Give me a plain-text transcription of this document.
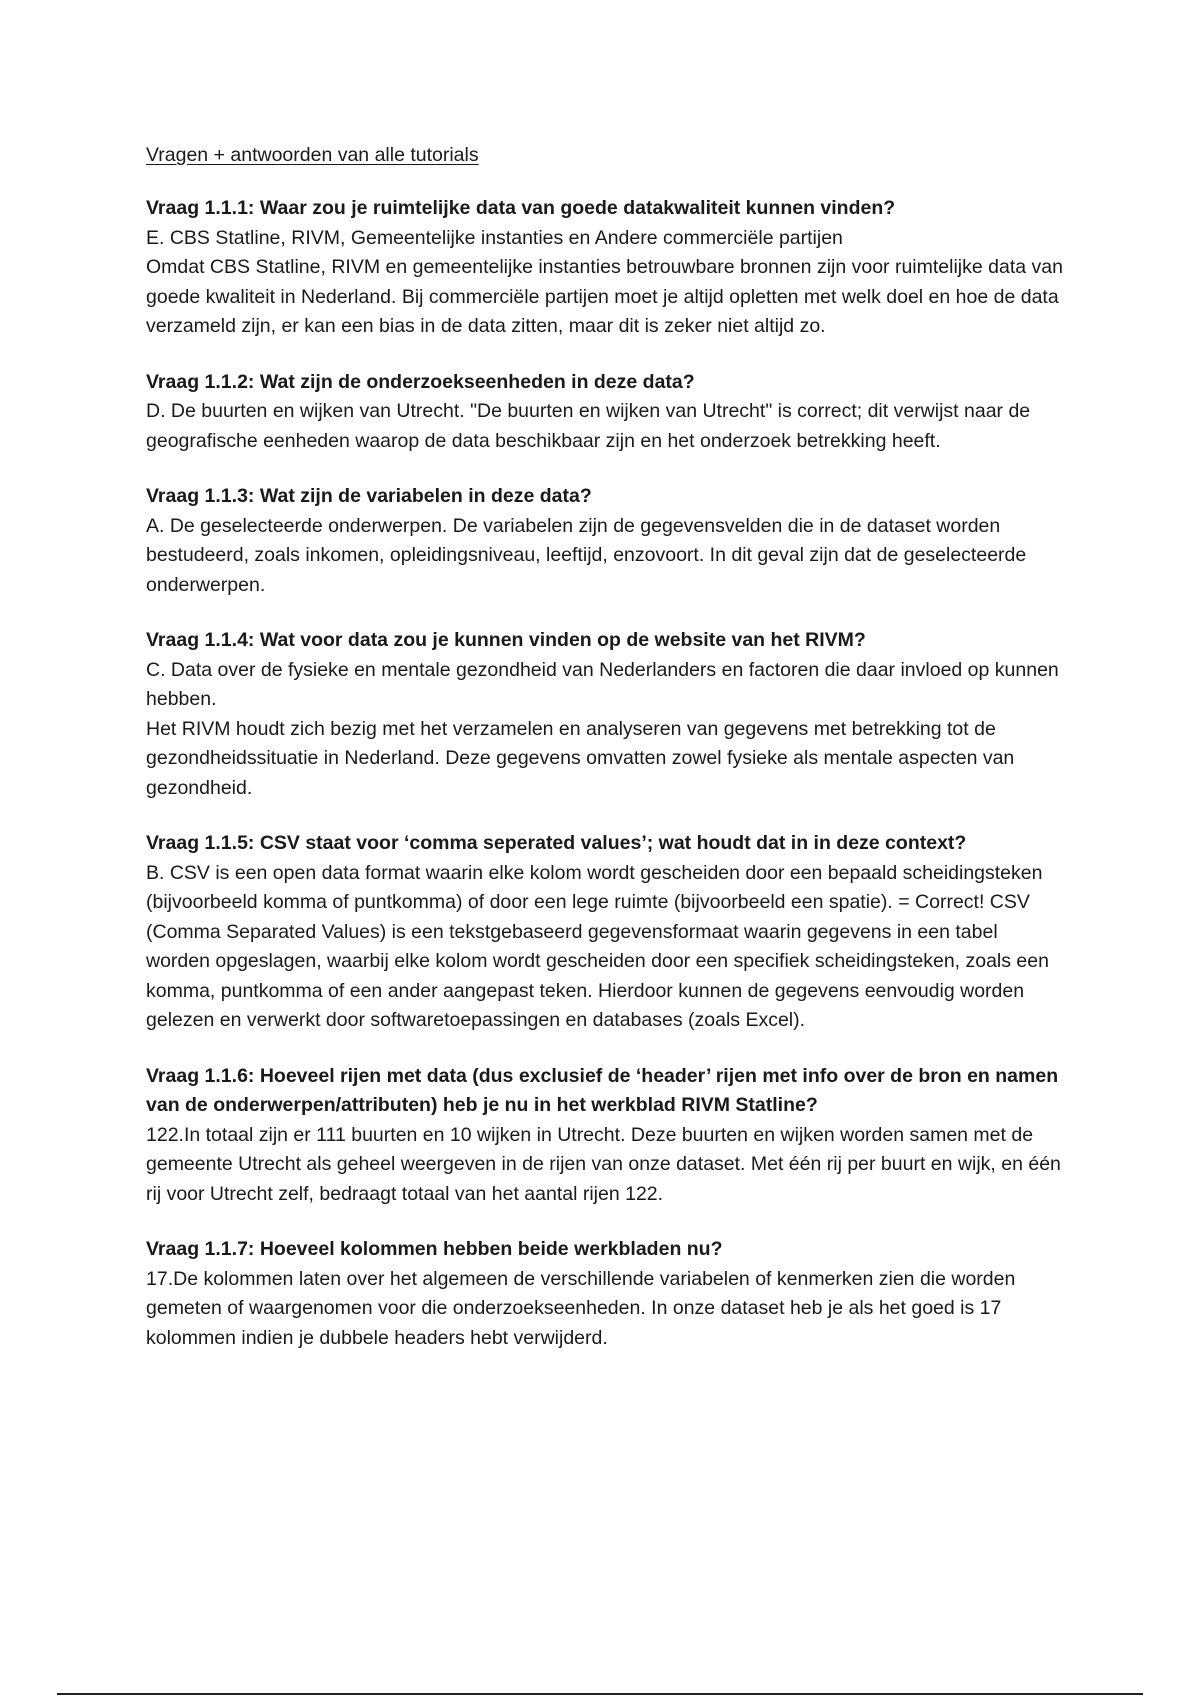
Vragen + antwoorden van alle tutorials

Vraag 1.1.1: Waar zou je ruimtelijke data van goede datakwaliteit kunnen vinden?

E. CBS Statline, RIVM, Gemeentelijke instanties en Andere commerciële partijen

Omdat CBS Statline, RIVM en gemeentelijke instanties betrouwbare bronnen zijn voor ruimtelijke data van goede kwaliteit in Nederland. Bij commerciële partijen moet je altijd opletten met welk doel en hoe de data verzameld zijn, er kan een bias in de data zitten, maar dit is zeker niet altijd zo.

Vraag 1.1.2: Wat zijn de onderzoekseenheden in deze data?

D. De buurten en wijken van Utrecht. "De buurten en wijken van Utrecht" is correct; dit verwijst naar de geografische eenheden waarop de data beschikbaar zijn en het onderzoek betrekking heeft.

Vraag 1.1.3: Wat zijn de variabelen in deze data?

A. De geselecteerde onderwerpen. De variabelen zijn de gegevensvelden die in de dataset worden bestudeerd, zoals inkomen, opleidingsniveau, leeftijd, enzovoort. In dit geval zijn dat de geselecteerde onderwerpen.

Vraag 1.1.4: Wat voor data zou je kunnen vinden op de website van het RIVM?

C. Data over de fysieke en mentale gezondheid van Nederlanders en factoren die daar invloed op kunnen hebben.

Het RIVM houdt zich bezig met het verzamelen en analyseren van gegevens met betrekking tot de gezondheidssituatie in Nederland. Deze gegevens omvatten zowel fysieke als mentale aspecten van gezondheid.

Vraag 1.1.5: CSV staat voor ‘comma seperated values’; wat houdt dat in in deze context?

B. CSV is een open data format waarin elke kolom wordt gescheiden door een bepaald scheidingsteken (bijvoorbeeld komma of puntkomma) of door een lege ruimte (bijvoorbeeld een spatie). = Correct! CSV (Comma Separated Values) is een tekstgebaseerd gegevensformaat waarin gegevens in een tabel worden opgeslagen, waarbij elke kolom wordt gescheiden door een specifiek scheidingsteken, zoals een komma, puntkomma of een ander aangepast teken. Hierdoor kunnen de gegevens eenvoudig worden gelezen en verwerkt door softwaretoepassingen en databases (zoals Excel).

Vraag 1.1.6: Hoeveel rijen met data (dus exclusief de ‘header’ rijen met info over de bron en namen van de onderwerpen/attributen) heb je nu in het werkblad RIVM Statline?

122.In totaal zijn er 111 buurten en 10 wijken in Utrecht. Deze buurten en wijken worden samen met de gemeente Utrecht als geheel weergeven in de rijen van onze dataset. Met één rij per buurt en wijk, en één rij voor Utrecht zelf, bedraagt totaal van het aantal rijen 122.

Vraag 1.1.7: Hoeveel kolommen hebben beide werkbladen nu?

17.De kolommen laten over het algemeen de verschillende variabelen of kenmerken zien die worden gemeten of waargenomen voor die onderzoekseenheden. In onze dataset heb je als het goed is 17 kolommen indien je dubbele headers hebt verwijderd.
